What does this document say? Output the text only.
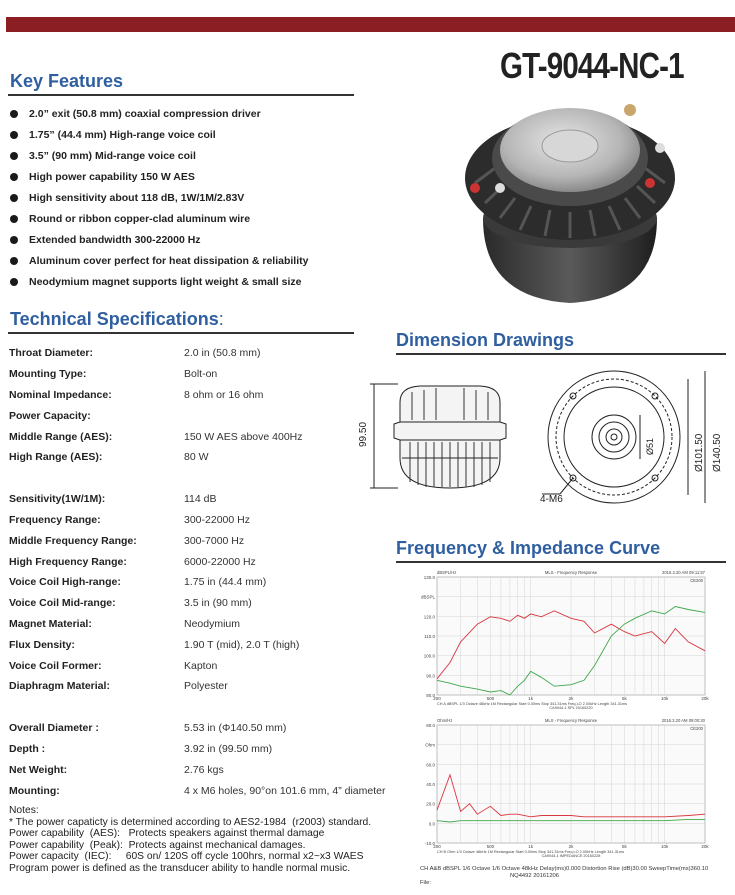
GT-9044-NC-1
Key Features
2.0” exit (50.8 mm) coaxial compression driver
1.75” (44.4 mm) High-range voice coil
3.5” (90 mm) Mid-range voice coil
High power capability 150 W AES
High sensitivity about 118 dB, 1W/1M/2.83V
Round or ribbon copper-clad aluminum wire
Extended bandwidth 300-22000 Hz
Aluminum cover perfect for heat dissipation & reliability
Neodymium magnet supports light weight & small size
Technical Specifications:
Throat Diameter:	2.0 in (50.8 mm)
Mounting Type:	Bolt-on
Nominal Impedance:	8 ohm or 16 ohm
Power Capacity:
Middle Range (AES):	150 W AES above 400Hz
High Range (AES):	80 W
Sensitivity(1W/1M):	114 dB
Frequency Range:	300-22000 Hz
Middle Frequency Range:	300-7000 Hz
High Frequency Range:	6000-22000 Hz
Voice Coil High-range:	1.75 in (44.4 mm)
Voice Coil Mid-range:	3.5 in (90 mm)
Magnet Material:	Neodymium
Flux Density:	1.90 T (mid), 2.0 T (high)
Voice Coil Former:	Kapton
Diaphragm Material:	Polyester
Overall Diameter :	5.53 in (Φ140.50 mm)
Depth :	3.92 in (99.50 mm)
Net Weight:	2.76 kgs
Mounting:	4 x M6 holes, 90°on 101.6 mm, 4” diameter
Notes:
* The power capaticty is determined according to AES2-1984  (r2003) standard.
Power capability  (AES):   Protects speakers against thermal damage
Power capability  (Peak):  Protects against mechanical damages.
Power capacity  (IEC):     60S on/ 120S off cycle 100hrs, normal x2~x3 WAES
Program power is defined as the transducer ability to handle normal music.
Dimension Drawings
99.50	Ø51	Ø101.50 Ø140.50
4-M6
Frequency & Impedance Curve
130.0
dBSPL
120.0
110.0
100.0
90.0
80.0
200	500	1k	2k	5k	10k	20k
dBSPL/Hz	MLS - Frequency Response	2016.3.20 AM 09:11:57
CE200
CH A dBSPL 1/3 Octave 48kHz 1M Rectangular Start 0.00ms Stop 341.31ms Freq.LO 2.00kHz Length 341.31ms
CA9044-1 SPL 20160220
80.0
Ohm
60.0
40.0
20.0
0.0
-10.0
200	500	1k	2k	5k	10k	20k
Ohm/Hz	MLS - Frequency Response	2016.3.20 AM 09:00:20
CE200
CH B Ohm 1/3 Octave 48kHz 1M Rectangular Start 0.00ms Stop 341.31ms Freq.LO 2.00kHz Length 341.31ms
CA9044-1 IMPEDANCE 20160228
CH A&B dBSPL 1/6 Octave 1/6 Octave 48kHz Delay(ms)0.000 Distortion Rise (dB)30.00 SweepTime(ms)360.10
NQ4492 20161206
File:
